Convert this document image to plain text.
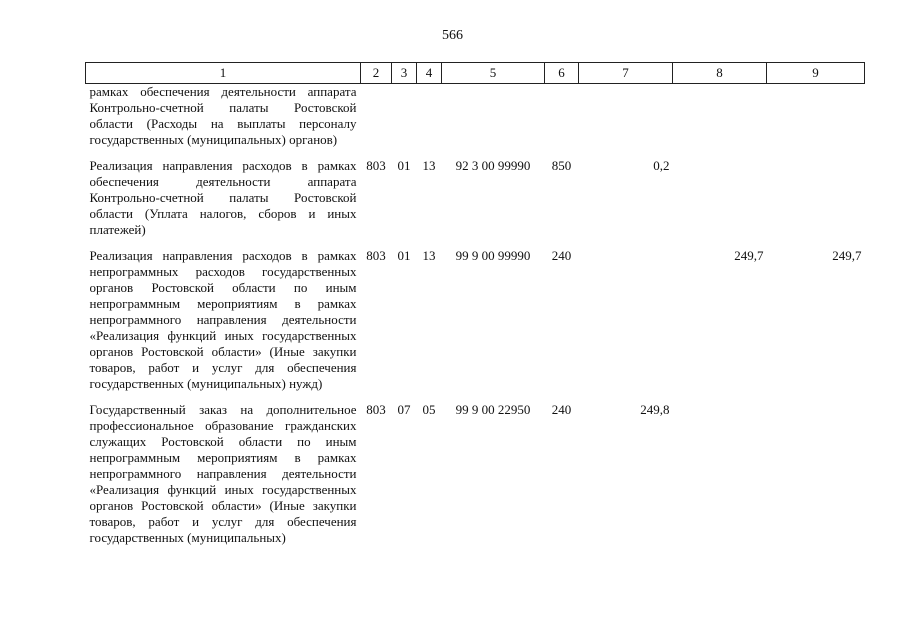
566
1	2	3	4	5	6	7	8	9
рамках обеспечения деятельности аппарата Контрольно-счетной палаты Ростовской области (Расходы на выплаты персоналу государственных (муниципальных) органов)								
Реализация направления расходов в рамках обеспечения деятельности аппарата Контрольно-счетной палаты Ростовской области (Уплата налогов, сборов и иных платежей)	803	01	13	92 3 00 99990	850	0,2		
Реализация направления расходов в рамках непрограммных расходов государственных органов Ростовской области по иным непрограммным мероприятиям в рамках непрограммного направления деятельности «Реализация функций иных государственных органов Ростовской области» (Иные закупки товаров, работ и услуг для обеспечения государственных (муниципальных) нужд)	803	01	13	99 9 00 99990	240		249,7	249,7
Государственный заказ на дополнительное профессиональное образование гражданских служащих Ростовской области по иным непрограммным мероприятиям в рамках непрограммного направления деятельности «Реализация функций иных государственных органов Ростовской области» (Иные закупки товаров, работ и услуг для обеспечения государственных (муниципальных)	803	07	05	99 9 00 22950	240	249,8		
